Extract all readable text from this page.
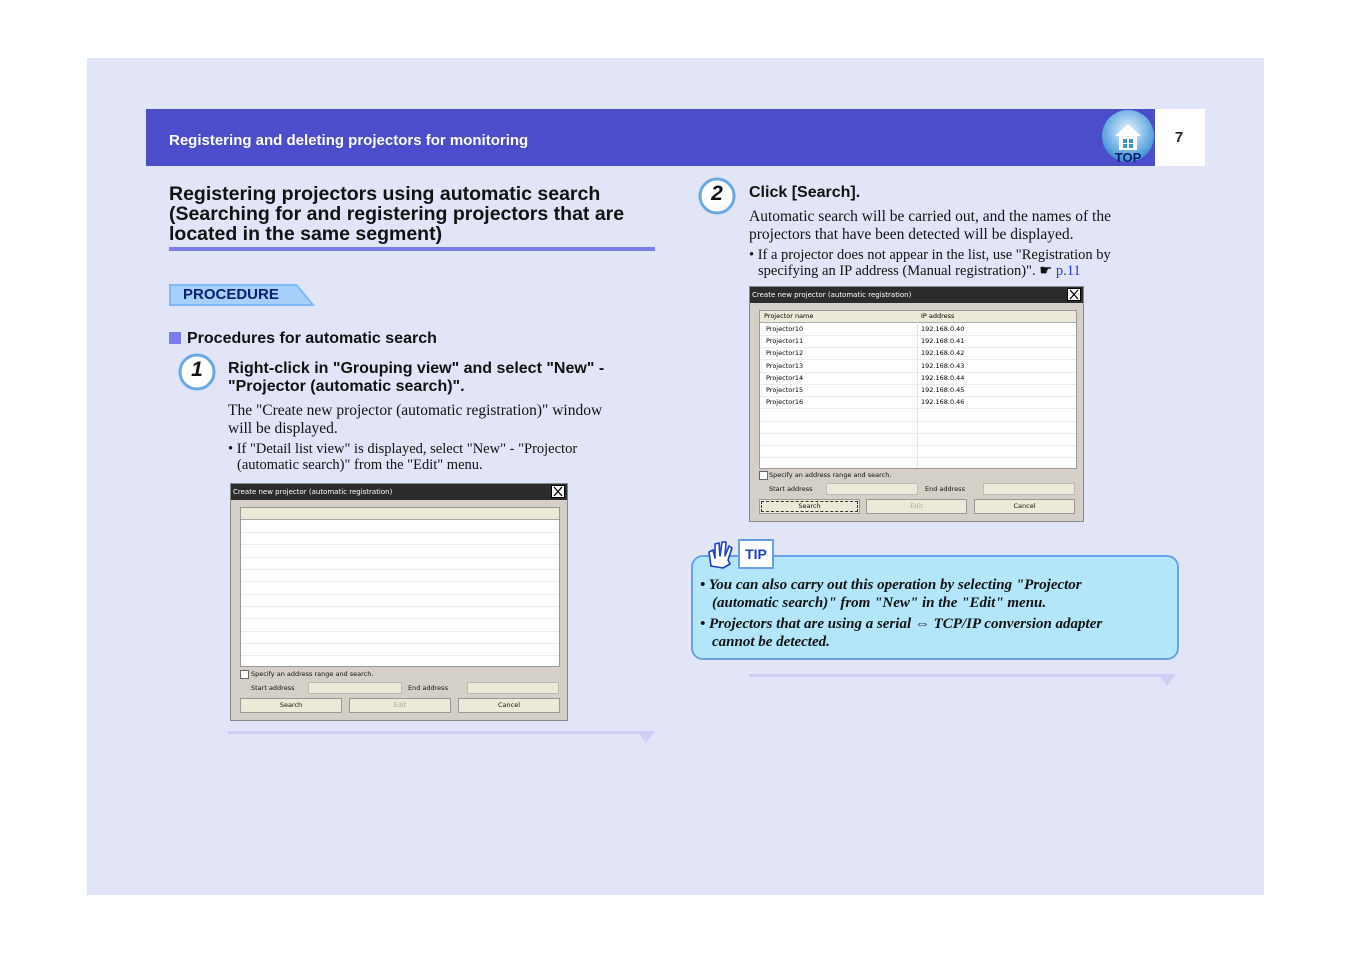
Registering and deleting projectors for monitoring
TOP
7
Registering projectors using automatic search
(Searching for and registering projectors that are
located in the same segment)
PROCEDURE
Procedures for automatic search
1	Right-click in "Grouping view" and select "New" -
"Projector (automatic search)".
The "Create new projector (automatic registration)" window
will be displayed.
• If "Detail list view" is displayed, select "New" - "Projector
(automatic search)" from the "Edit" menu.
Create new projector (automatic registration)
Specify an address range and search.
Start address	End address
Search	Edit	Cancel
2	Click [Search].
Automatic search will be carried out, and the names of the
projectors that have been detected will be displayed.
• If a projector does not appear in the list, use "Registration by
specifying an IP address (Manual registration)". ☛ p.11
Create new projector (automatic registration)
Projector name	IP address
Projector10	192.168.0.40
Projector11	192.168.0.41
Projector12	192.168.0.42
Projector13	192.168.0.43
Projector14	192.168.0.44
Projector15	192.168.0.45
Projector16	192.168.0.46
Specify an address range and search.
Start address	End address
Search	Edit	Cancel
TIP
• You can also carry out this operation by selecting "Projector
(automatic search)" from "New" in the "Edit" menu.
• Projectors that are using a serial ⇔ TCP/IP conversion adapter
cannot be detected.
